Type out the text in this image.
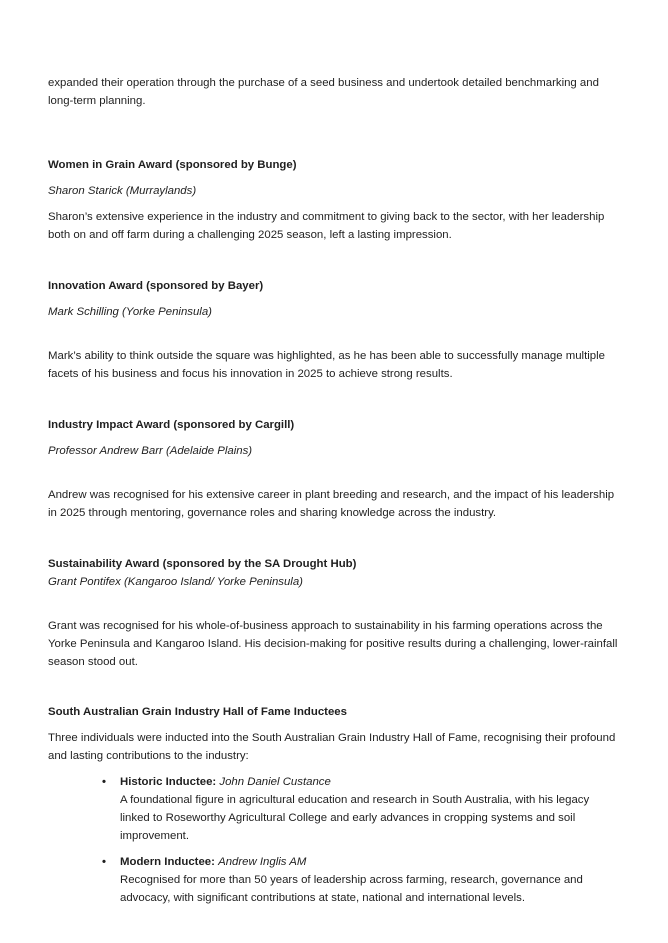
expanded their operation through the purchase of a seed business and undertook detailed benchmarking and long-term planning.

Women in Grain Award (sponsored by Bunge)

Sharon Starick (Murraylands)

Sharon’s extensive experience in the industry and commitment to giving back to the sector, with her leadership both on and off farm during a challenging 2025 season, left a lasting impression.

Innovation Award (sponsored by Bayer)

Mark Schilling (Yorke Peninsula)

Mark’s ability to think outside the square was highlighted, as he has been able to successfully manage multiple facets of his business and focus his innovation in 2025 to achieve strong results.

Industry Impact Award (sponsored by Cargill)

Professor Andrew Barr (Adelaide Plains)

Andrew was recognised for his extensive career in plant breeding and research, and the impact of his leadership in 2025 through mentoring, governance roles and sharing knowledge across the industry.

Sustainability Award (sponsored by the SA Drought Hub)

Grant Pontifex (Kangaroo Island/ Yorke Peninsula)

Grant was recognised for his whole-of-business approach to sustainability in his farming operations across the Yorke Peninsula and Kangaroo Island. His decision-making for positive results during a challenging, lower-rainfall season stood out.

South Australian Grain Industry Hall of Fame Inductees

Three individuals were inducted into the South Australian Grain Industry Hall of Fame, recognising their profound and lasting contributions to the industry:

• Historic Inductee: John Daniel Custance
A foundational figure in agricultural education and research in South Australia, with his legacy linked to Roseworthy Agricultural College and early advances in cropping systems and soil improvement.
• Modern Inductee: Andrew Inglis AM
Recognised for more than 50 years of leadership across farming, research, governance and advocacy, with significant contributions at state, national and international levels.
